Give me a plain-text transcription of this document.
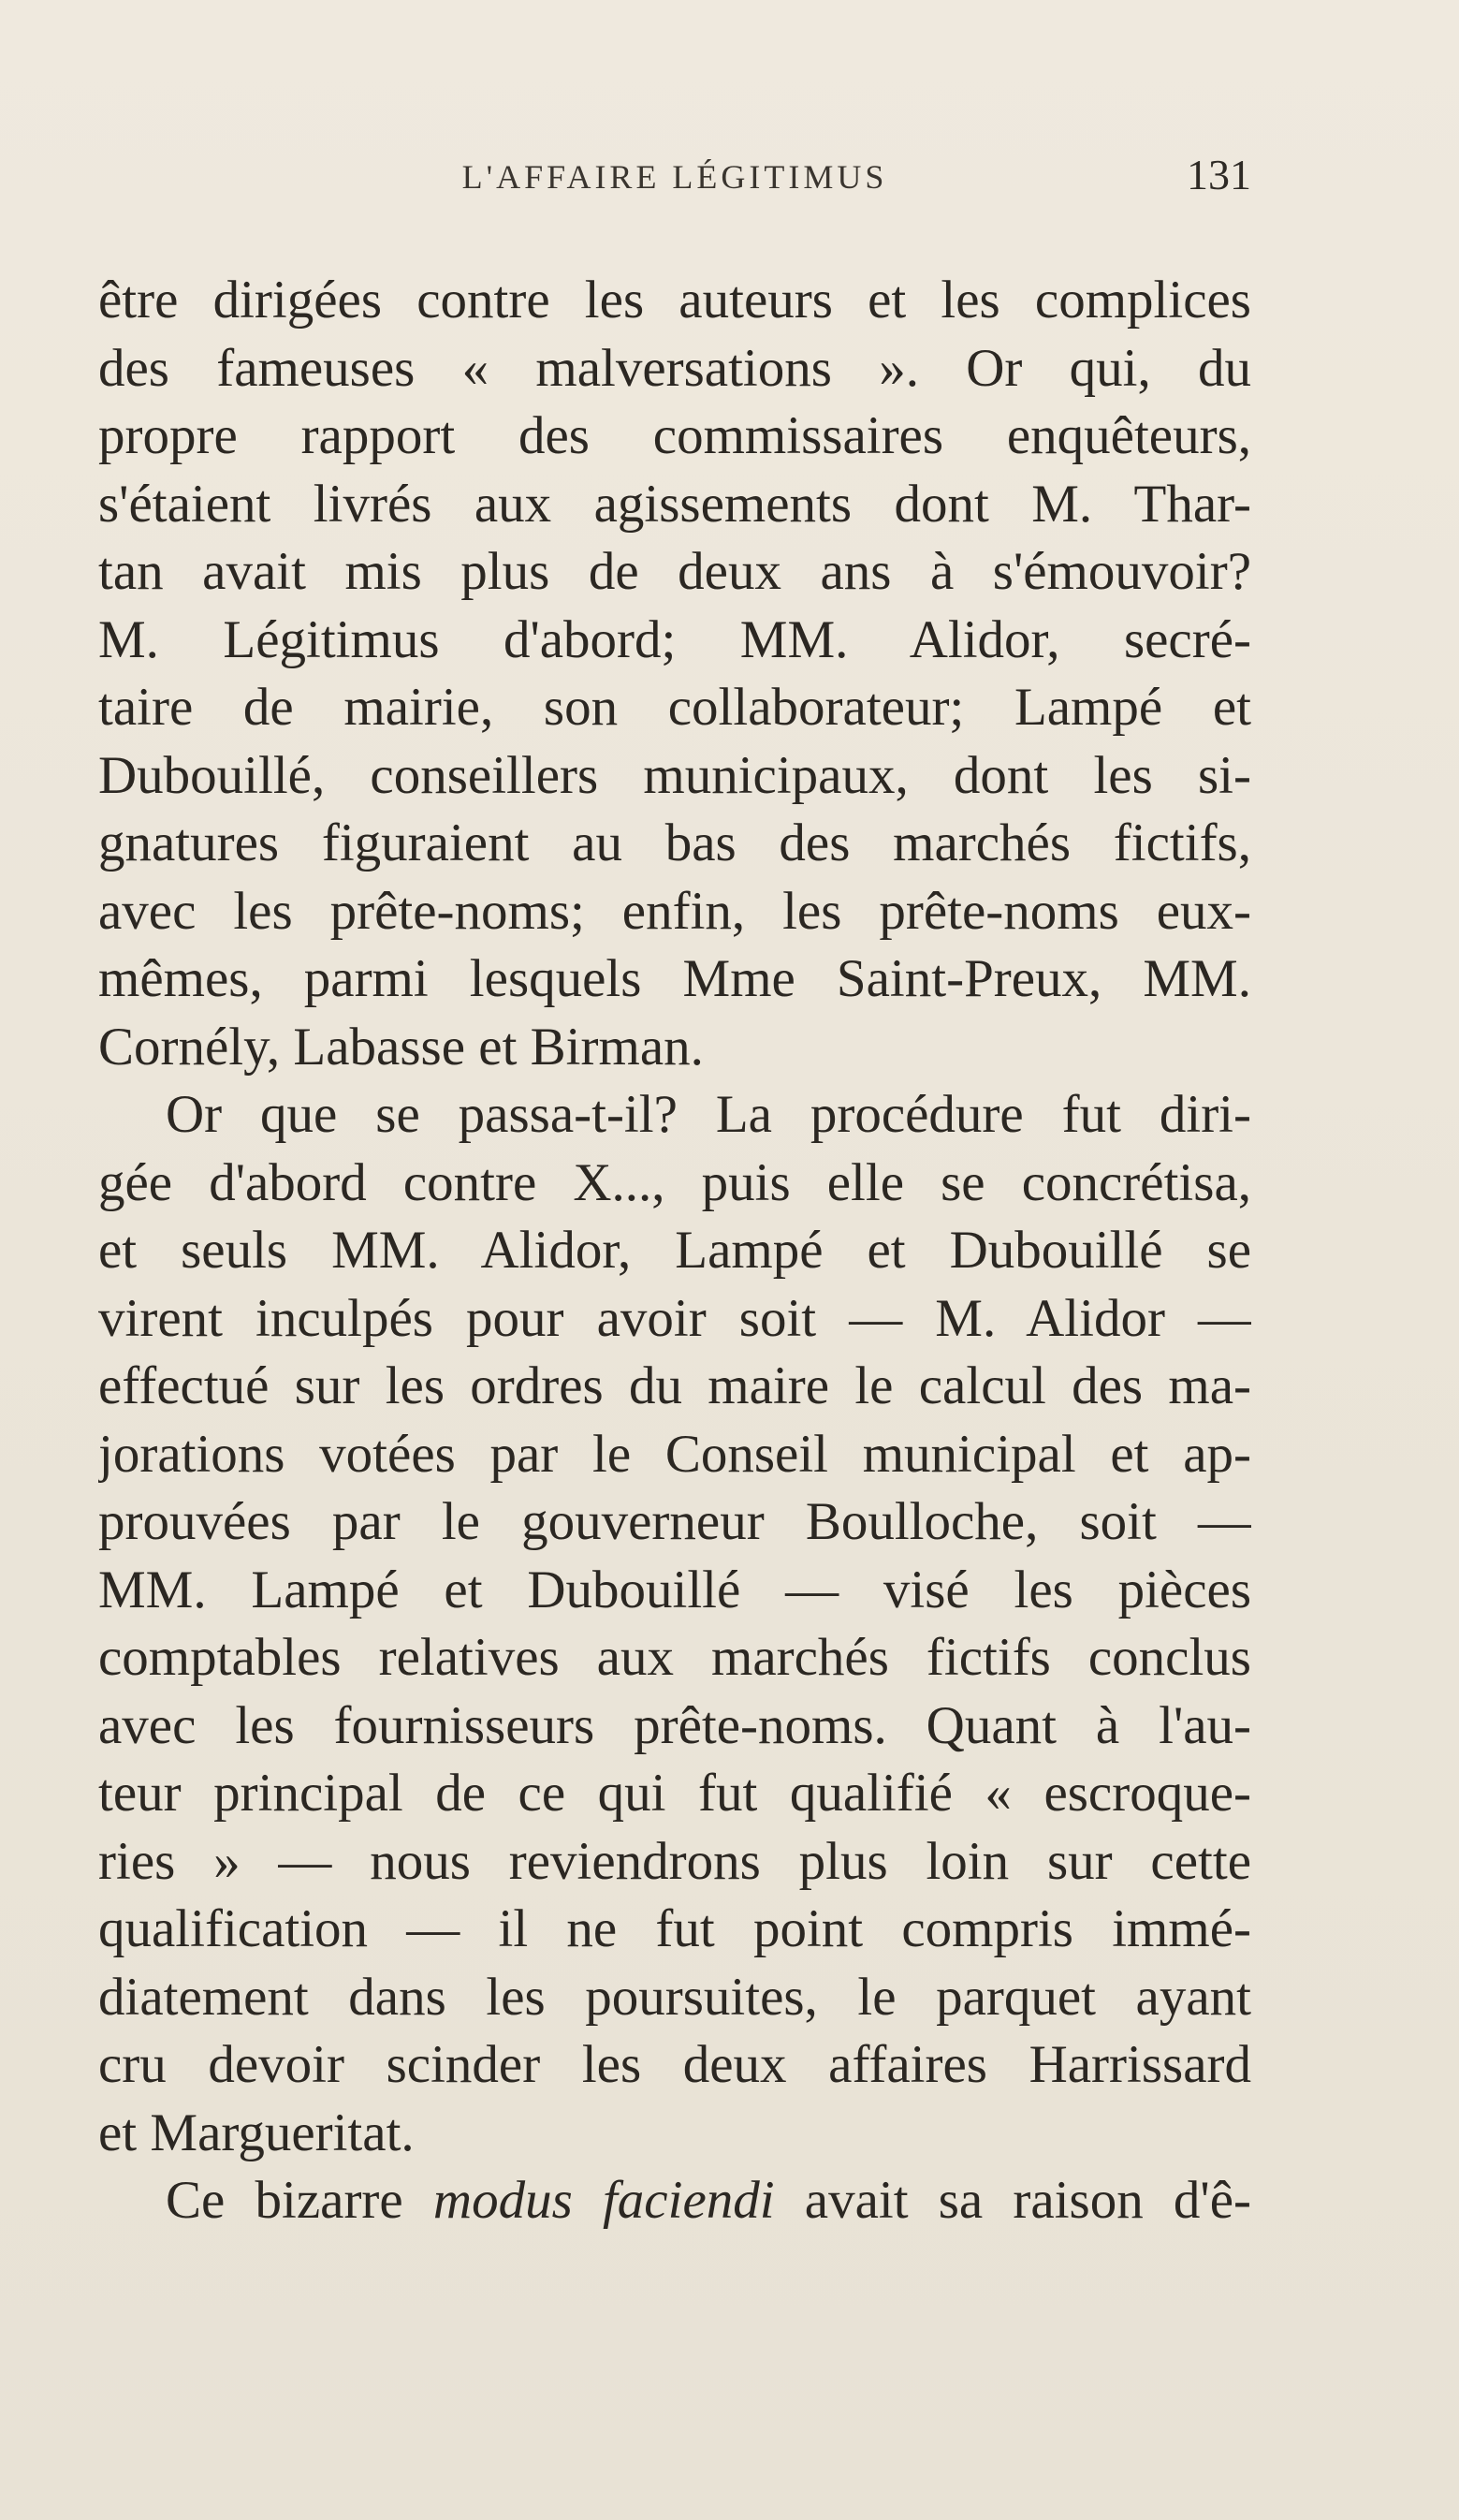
L'AFFAIRE LÉGITIMUS	131
être dirigées contre les auteurs et les complices
des fameuses « malversations ». Or qui, du
propre rapport des commissaires enquêteurs,
s'étaient livrés aux agissements dont M. Thar-
tan avait mis plus de deux ans à s'émouvoir?
M. Légitimus d'abord; MM. Alidor, secré-
taire de mairie, son collaborateur; Lampé et
Dubouillé, conseillers municipaux, dont les si-
gnatures figuraient au bas des marchés fictifs,
avec les prête-noms; enfin, les prête-noms eux-
mêmes, parmi lesquels Mme Saint-Preux, MM.
Cornély, Labasse et Birman.
Or que se passa-t-il? La procédure fut diri-
gée d'abord contre X..., puis elle se concrétisa,
et seuls MM. Alidor, Lampé et Dubouillé se
virent inculpés pour avoir soit — M. Alidor —
effectué sur les ordres du maire le calcul des ma-
jorations votées par le Conseil municipal et ap-
prouvées par le gouverneur Boulloche, soit —
MM. Lampé et Dubouillé — visé les pièces
comptables relatives aux marchés fictifs conclus
avec les fournisseurs prête-noms. Quant à l'au-
teur principal de ce qui fut qualifié « escroque-
ries » — nous reviendrons plus loin sur cette
qualification — il ne fut point compris immé-
diatement dans les poursuites, le parquet ayant
cru devoir scinder les deux affaires Harrissard
et Margueritat.
Ce bizarre modus faciendi avait sa raison d'ê-
